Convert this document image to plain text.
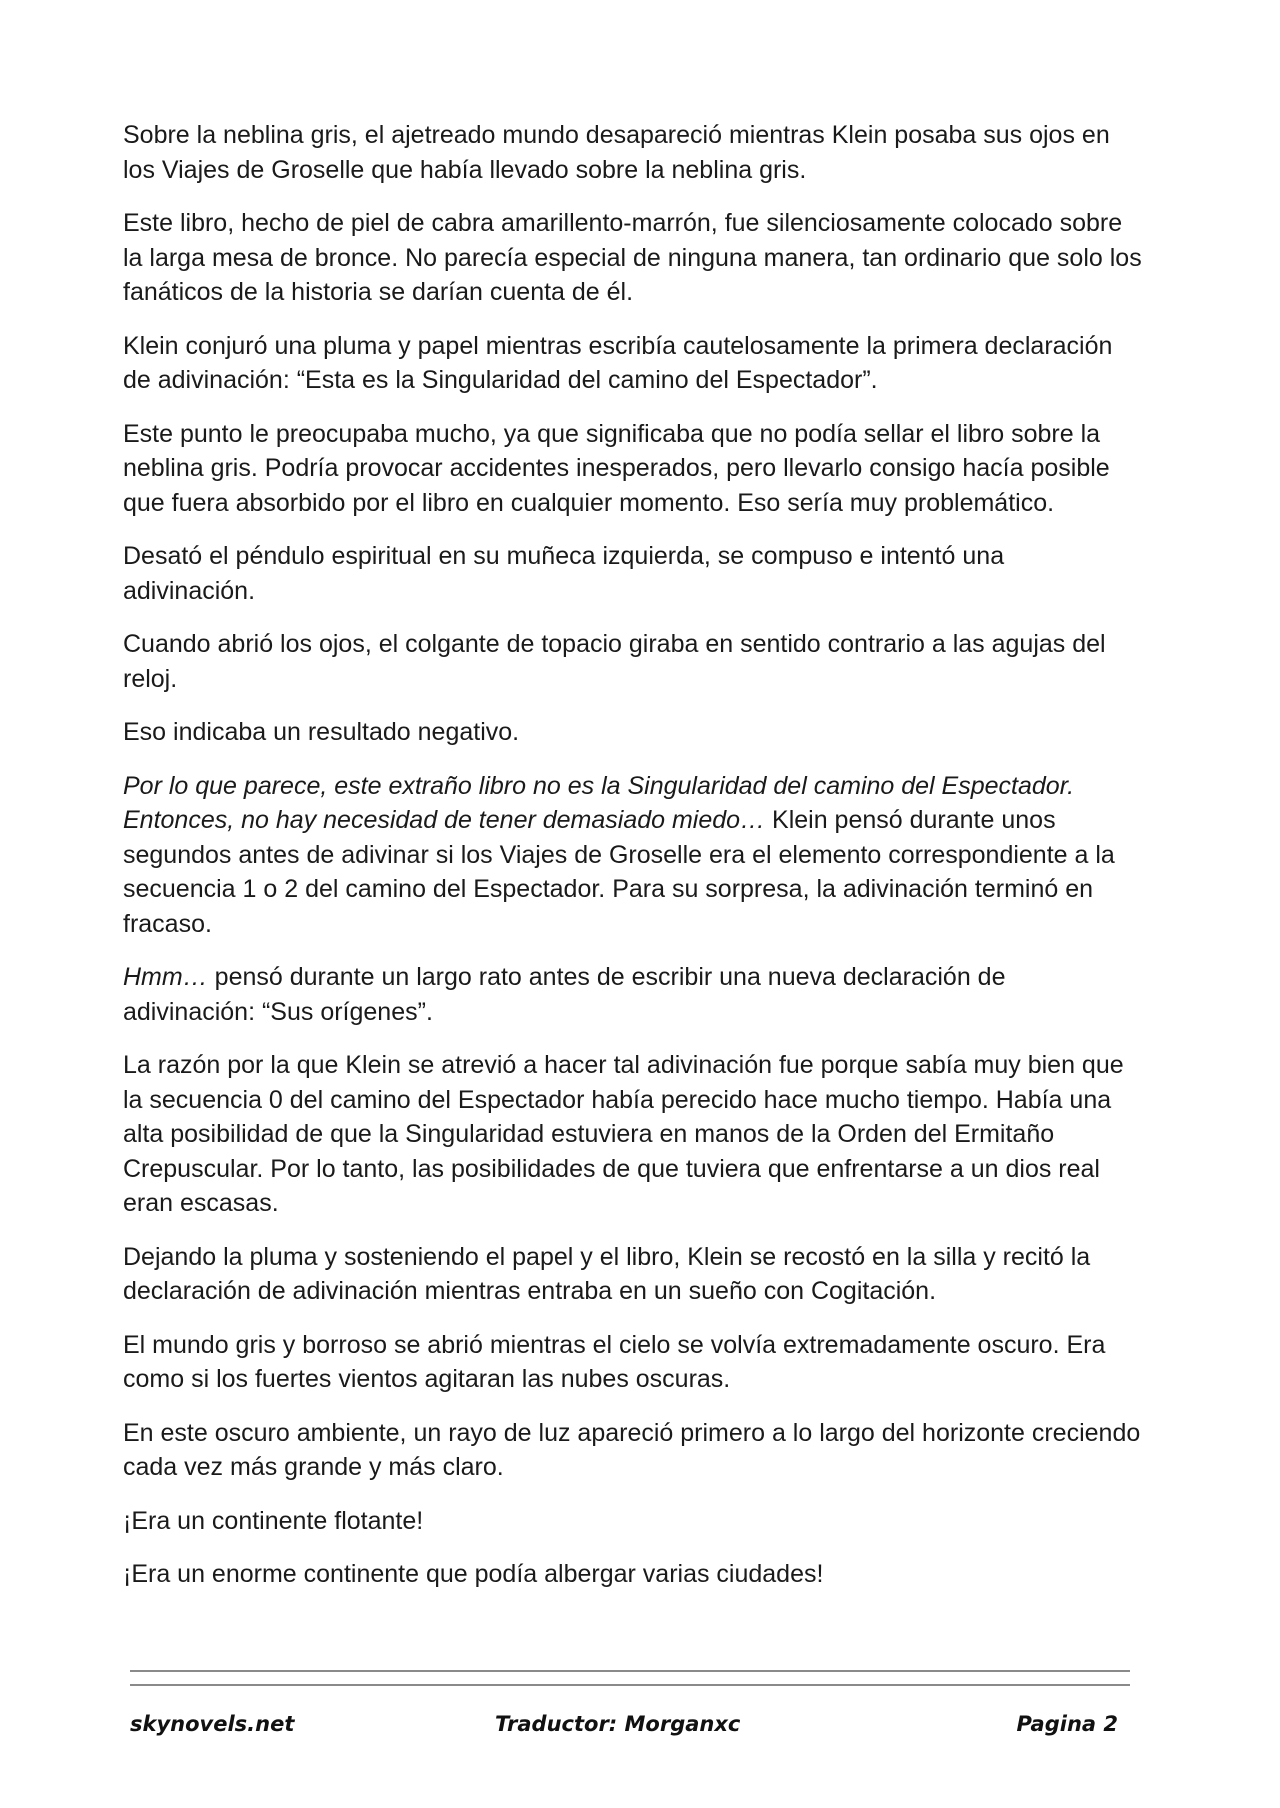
Sobre la neblina gris, el ajetreado mundo desapareció mientras Klein posaba sus ojos en los Viajes de Groselle que había llevado sobre la neblina gris.

Este libro, hecho de piel de cabra amarillento-marrón, fue silenciosamente colocado sobre la larga mesa de bronce. No parecía especial de ninguna manera, tan ordinario que solo los fanáticos de la historia se darían cuenta de él.

Klein conjuró una pluma y papel mientras escribía cautelosamente la primera declaración de adivinación: “Esta es la Singularidad del camino del Espectador”.

Este punto le preocupaba mucho, ya que significaba que no podía sellar el libro sobre la neblina gris. Podría provocar accidentes inesperados, pero llevarlo consigo hacía posible que fuera absorbido por el libro en cualquier momento. Eso sería muy problemático.

Desató el péndulo espiritual en su muñeca izquierda, se compuso e intentó una adivinación.

Cuando abrió los ojos, el colgante de topacio giraba en sentido contrario a las agujas del reloj.

Eso indicaba un resultado negativo.

Por lo que parece, este extraño libro no es la Singularidad del camino del Espectador. Entonces, no hay necesidad de tener demasiado miedo… Klein pensó durante unos segundos antes de adivinar si los Viajes de Groselle era el elemento correspondiente a la secuencia 1 o 2 del camino del Espectador. Para su sorpresa, la adivinación terminó en fracaso.

Hmm… pensó durante un largo rato antes de escribir una nueva declaración de adivinación: “Sus orígenes”.

La razón por la que Klein se atrevió a hacer tal adivinación fue porque sabía muy bien que la secuencia 0 del camino del Espectador había perecido hace mucho tiempo. Había una alta posibilidad de que la Singularidad estuviera en manos de la Orden del Ermitaño Crepuscular. Por lo tanto, las posibilidades de que tuviera que enfrentarse a un dios real eran escasas.

Dejando la pluma y sosteniendo el papel y el libro, Klein se recostó en la silla y recitó la declaración de adivinación mientras entraba en un sueño con Cogitación.

El mundo gris y borroso se abrió mientras el cielo se volvía extremadamente oscuro. Era como si los fuertes vientos agitaran las nubes oscuras.

En este oscuro ambiente, un rayo de luz apareció primero a lo largo del horizonte creciendo cada vez más grande y más claro.

¡Era un continente flotante!

¡Era un enorme continente que podía albergar varias ciudades!

skynovels.net	Traductor: Morganxc	Pagina 2
